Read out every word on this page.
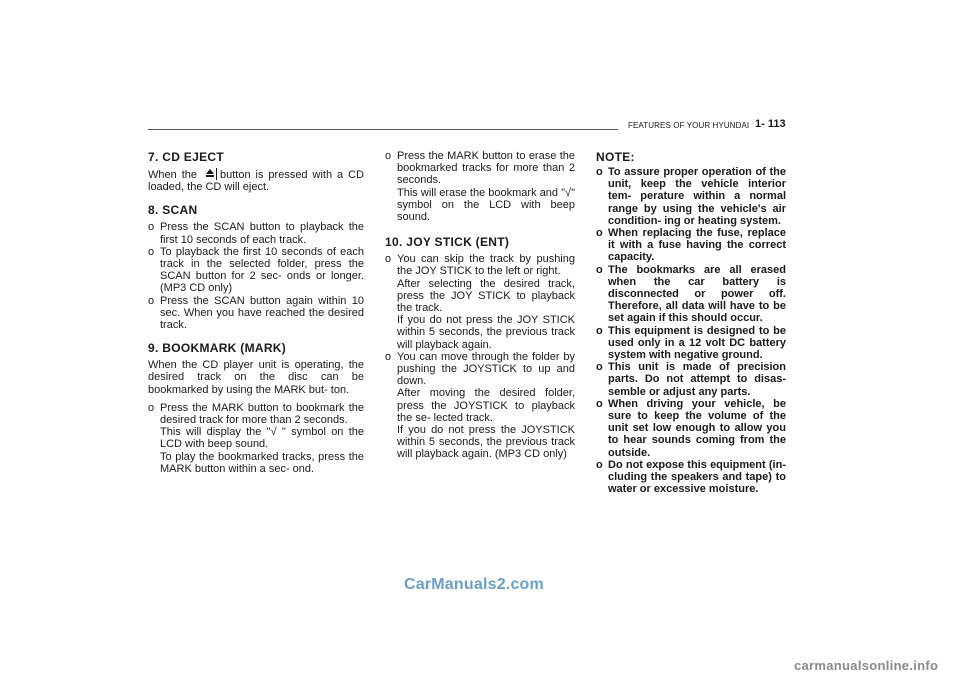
FEATURES OF YOUR HYUNDAI 1- 113
7. CD EJECT

When the button is pressed with a CD loaded, the CD will eject.

8. SCAN
o Press the SCAN button to playback the first 10 seconds of each track.
o To playback the first 10 seconds of each track in the selected folder, press the SCAN button for 2 sec- onds or longer. (MP3 CD only)
o Press the SCAN button again within 10 sec. When you have reached the desired track.
9. BOOKMARK (MARK)

When the CD player unit is operating, the desired track on the disc can be bookmarked by using the MARK but- ton.

o Press the MARK button to bookmark the desired track for more than 2 seconds.
This will display the "√ " symbol on the LCD with beep sound.
To play the bookmarked tracks, press the MARK button within a sec- ond.
o Press the MARK button to erase the bookmarked tracks for more than 2 seconds.
This will erase the bookmark and "√" symbol on the LCD with beep sound.
10. JOY STICK (ENT)
o You can skip the track by pushing the JOY STICK to the left or right.
After selecting the desired track, press the JOY STICK to playback the track.
If you do not press the JOY STICK within 5 seconds, the previous track will playback again.
o You can move through the folder by pushing the JOYSTICK to up and down.
After moving the desired folder, press the JOYSTICK to playback the se- lected track.
If you do not press the JOYSTICK within 5 seconds, the previous track will playback again. (MP3 CD only)
NOTE:
o To assure proper operation of the unit, keep the vehicle interior tem- perature within a normal range by using the vehicle's air condition- ing or heating system.
o When replacing the fuse, replace it with a fuse having the correct capacity.
o The bookmarks are all erased when the car battery is disconnected or power off. Therefore, all data will have to be set again if this should occur.
o This equipment is designed to be used only in a 12 volt DC battery system with negative ground.
o This unit is made of precision parts. Do not attempt to disas- semble or adjust any parts.
o When driving your vehicle, be sure to keep the volume of the unit set low enough to allow you to hear sounds coming from the outside.
o Do not expose this equipment (in- cluding the speakers and tape) to water or excessive moisture.
CarManuals2.com
carmanualsonline.info
